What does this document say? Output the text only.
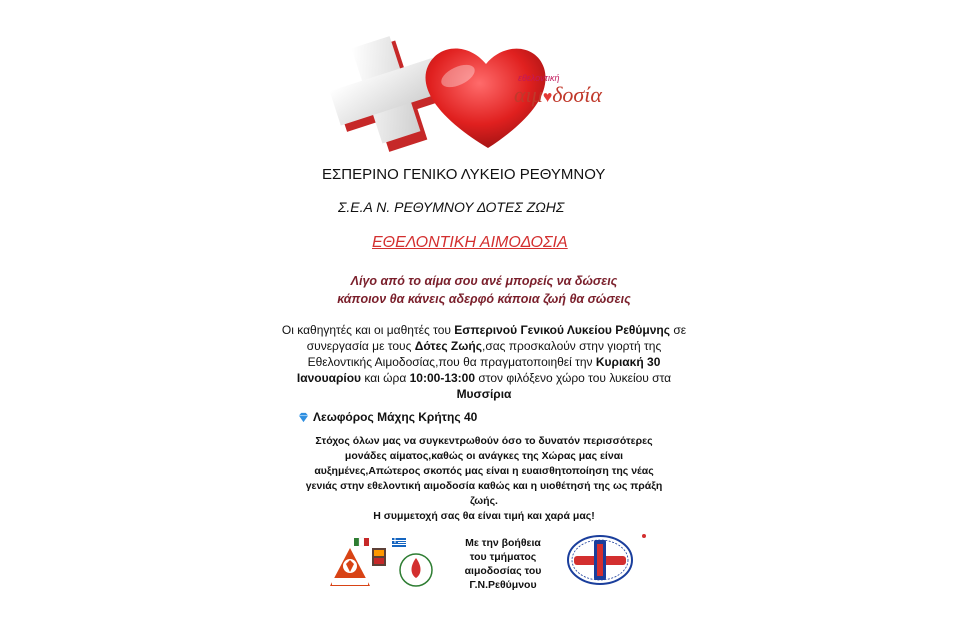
εθελοντική
αιμ♥δοσία
ΕΣΠΕΡΙΝΟ ΓΕΝΙΚΟ ΛΥΚΕΙΟ ΡΕΘΥΜΝΟΥ
Σ.Ε.Α Ν. ΡΕΘΥΜΝΟΥ ΔΟΤΕΣ ΖΩΗΣ
ΕΘΕΛΟΝΤΙΚΗ ΑΙΜΟΔΟΣΙΑ
Λίγο από το αίμα σου ανέ μπορείς να δώσεις
κάποιον θα κάνεις αδερφό κάποια ζωή θα σώσεις
Οι καθηγητές και οι μαθητές του Εσπερινού Γενικού Λυκείου Ρεθύμνης σε συνεργασία με τους Δότες Ζωής,σας προσκαλούν στην γιορτή της Εθελοντικής Αιμοδοσίας,που θα πραγματοποιηθεί την Κυριακή 30 Ιανουαρίου και ώρα 10:00-13:00 στον φιλόξενο χώρο του λυκείου στα Μυσσίρια
Λεωφόρος Μάχης Κρήτης 40
Στόχος όλων μας να συγκεντρωθούν όσο το δυνατόν περισσότερες μονάδες αίματος,καθώς οι ανάγκες της Χώρας μας είναι αυξημένες,Απώτερος σκοπός μας είναι η ευαισθητοποίηση της νέας γενιάς στην εθελοντική αιμοδοσία καθώς και η υιοθέτησή της ως πράξη ζωής.
Η συμμετοχή σας θα είναι τιμή και χαρά μας!
Με την βοήθεια
του τμήματος
αιμοδοσίας του
Γ.Ν.Ρεθύμνου
